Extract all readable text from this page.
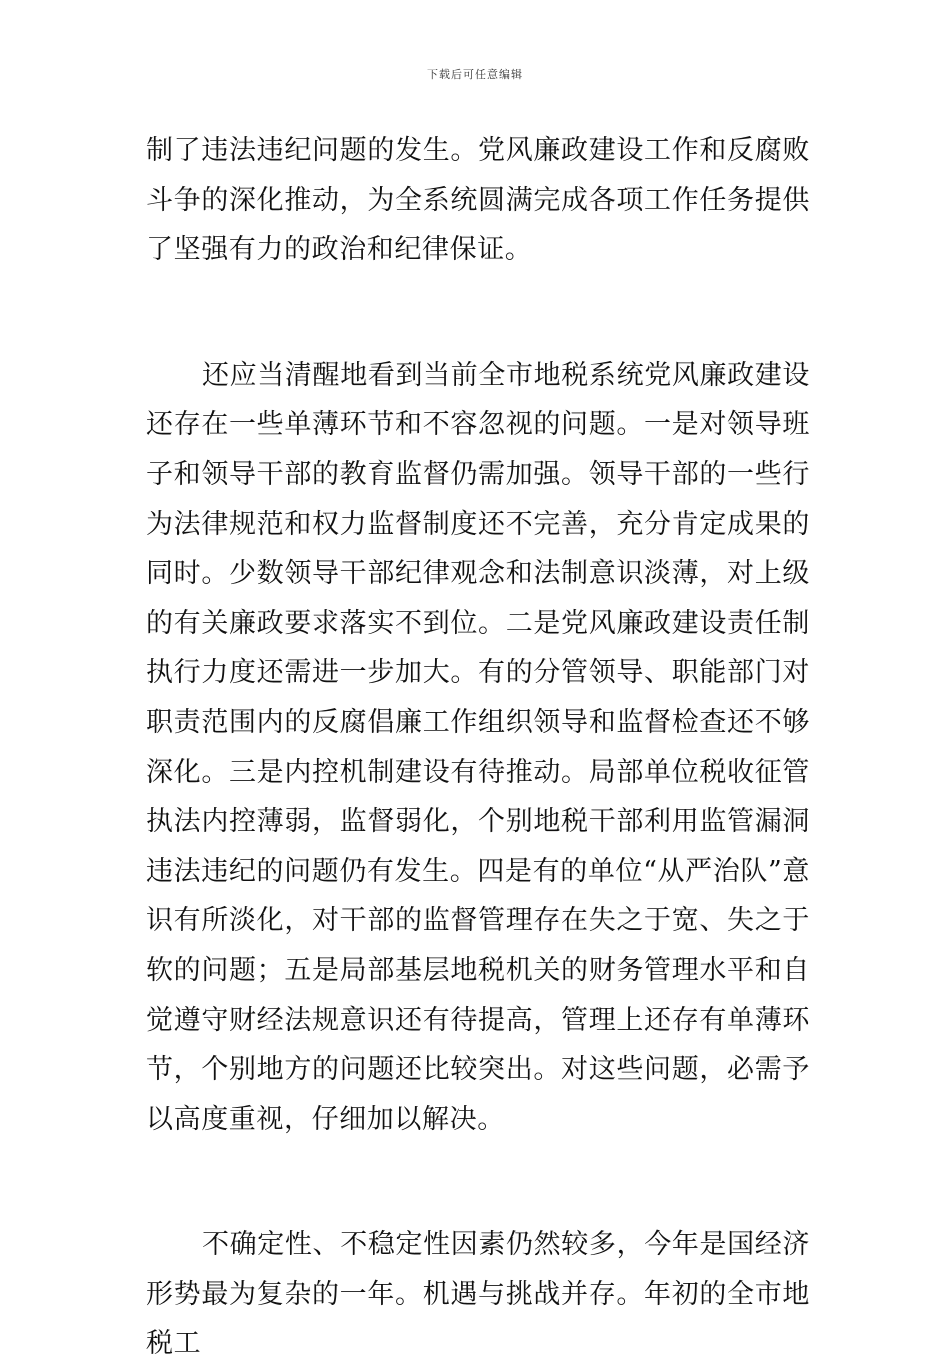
下载后可任意编辑

制了违法违纪问题的发生。党风廉政建设工作和反腐败斗争的深化推动，为全系统圆满完成各项工作任务提供了坚强有力的政治和纪律保证。

还应当清醒地看到当前全市地税系统党风廉政建设还存在一些单薄环节和不容忽视的问题。一是对领导班子和领导干部的教育监督仍需加强。领导干部的一些行为法律规范和权力监督制度还不完善，充分肯定成果的同时。少数领导干部纪律观念和法制意识淡薄，对上级的有关廉政要求落实不到位。二是党风廉政建设责任制执行力度还需进一步加大。有的分管领导、职能部门对职责范围内的反腐倡廉工作组织领导和监督检查还不够深化。三是内控机制建设有待推动。局部单位税收征管执法内控薄弱，监督弱化，个别地税干部利用监管漏洞违法违纪的问题仍有发生。四是有的单位“从严治队”意识有所淡化，对干部的监督管理存在失之于宽、失之于软的问题；五是局部基层地税机关的财务管理水平和自觉遵守财经法规意识还有待提高，管理上还存有单薄环节，个别地方的问题还比较突出。对这些问题，必需予以高度重视，仔细加以解决。

不确定性、不稳定性因素仍然较多，今年是国经济形势最为复杂的一年。机遇与挑战并存。年初的全市地税工
